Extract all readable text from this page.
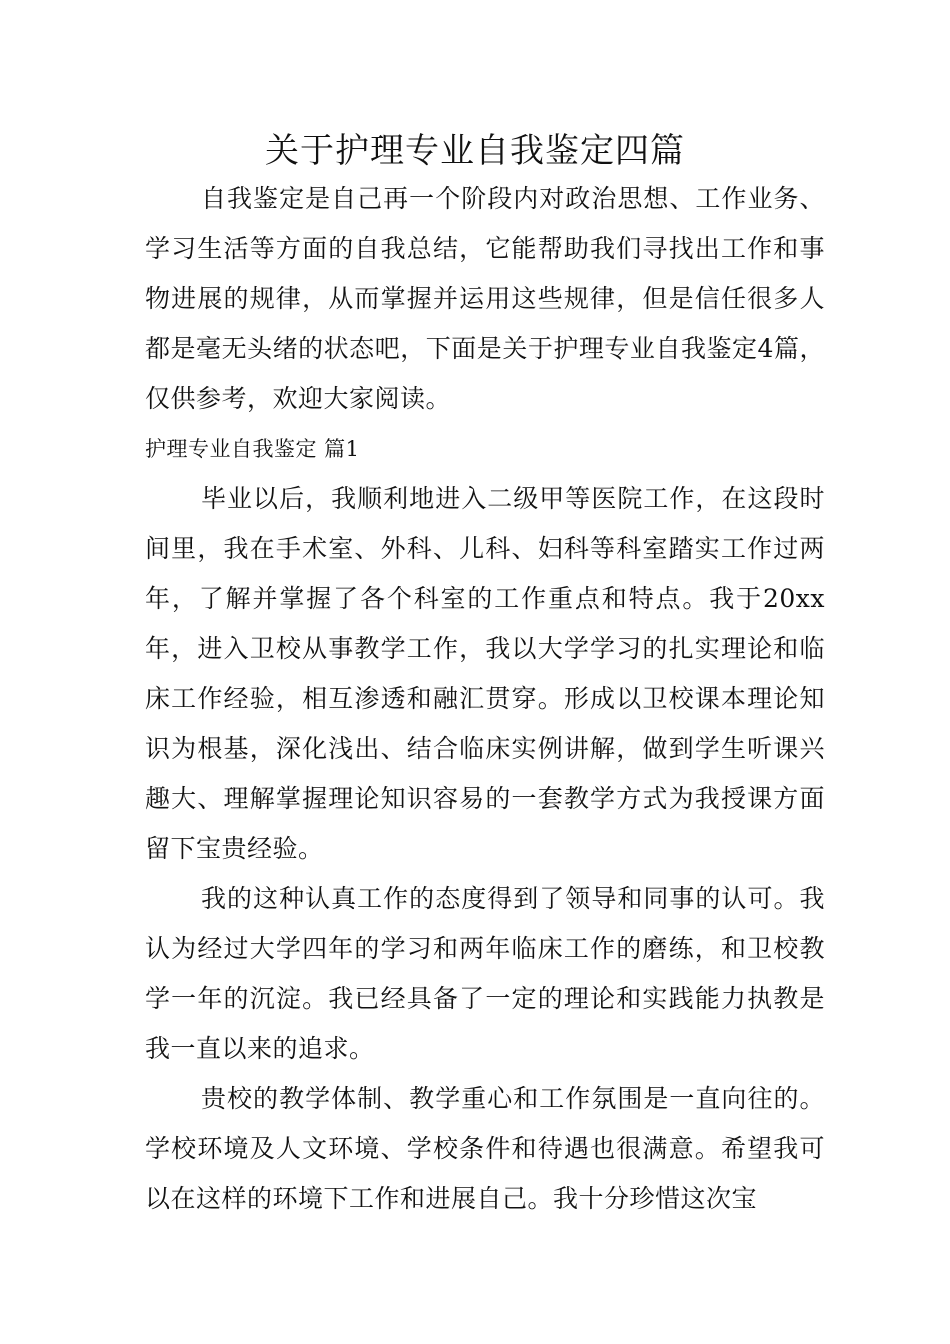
关于护理专业自我鉴定四篇

自我鉴定是自己再一个阶段内对政治思想、工作业务、学习生活等方面的自我总结，它能帮助我们寻找出工作和事物进展的规律，从而掌握并运用这些规律，但是信任很多人都是毫无头绪的状态吧，下面是关于护理专业自我鉴定4篇，仅供参考，欢迎大家阅读。

护理专业自我鉴定 篇1

毕业以后，我顺利地进入二级甲等医院工作，在这段时间里，我在手术室、外科、儿科、妇科等科室踏实工作过两年，了解并掌握了各个科室的工作重点和特点。我于20xx年，进入卫校从事教学工作，我以大学学习的扎实理论和临床工作经验，相互渗透和融汇贯穿。形成以卫校课本理论知识为根基，深化浅出、结合临床实例讲解，做到学生听课兴趣大、理解掌握理论知识容易的一套教学方式为我授课方面留下宝贵经验。

我的这种认真工作的态度得到了领导和同事的认可。我认为经过大学四年的学习和两年临床工作的磨练，和卫校教学一年的沉淀。我已经具备了一定的理论和实践能力执教是我一直以来的追求。

贵校的教学体制、教学重心和工作氛围是一直向往的。学校环境及人文环境、学校条件和待遇也很满意。希望我可以在这样的环境下工作和进展自己。我十分珍惜这次宝
